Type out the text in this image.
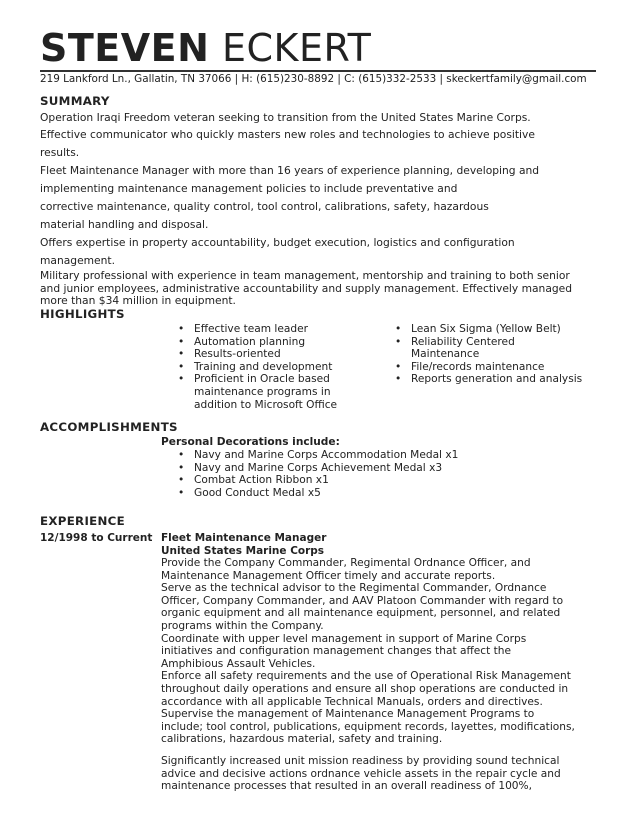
STEVEN ECKERT
219 Lankford Ln., Gallatin, TN 37066 | H: (615)230-8892 | C: (615)332-2533 | skeckertfamily@gmail.com
SUMMARY
Operation Iraqi Freedom veteran seeking to transition from the United States Marine Corps.
Effective communicator who quickly masters new roles and technologies to achieve positive
results.
Fleet Maintenance Manager with more than 16 years of experience planning, developing and
implementing maintenance management policies to include preventative and
corrective maintenance, quality control, tool control, calibrations, safety, hazardous
material handling and disposal.
Offers expertise in property accountability, budget execution, logistics and configuration
management.
Military professional with experience in team management, mentorship and training to both senior
and junior employees, administrative accountability and supply management. Effectively managed
more than $34 million in equipment.
HIGHLIGHTS
• Effective team leader
• Automation planning
• Results-oriented
• Training and development
• Proficient in Oracle based
maintenance programs in
addition to Microsoft Office
• Lean Six Sigma (Yellow Belt)
• Reliability Centered
Maintenance
• File/records maintenance
• Reports generation and analysis
ACCOMPLISHMENTS
Personal Decorations include:
• Navy and Marine Corps Accommodation Medal x1
• Navy and Marine Corps Achievement Medal x3
• Combat Action Ribbon x1
• Good Conduct Medal x5
EXPERIENCE
12/1998 to Current Fleet Maintenance Manager
United States Marine Corps
Provide the Company Commander, Regimental Ordnance Officer, and
Maintenance Management Officer timely and accurate reports.
Serve as the technical advisor to the Regimental Commander, Ordnance
Officer, Company Commander, and AAV Platoon Commander with regard to
organic equipment and all maintenance equipment, personnel, and related
programs within the Company.
Coordinate with upper level management in support of Marine Corps
initiatives and configuration management changes that affect the
Amphibious Assault Vehicles.
Enforce all safety requirements and the use of Operational Risk Management
throughout daily operations and ensure all shop operations are conducted in
accordance with all applicable Technical Manuals, orders and directives.
Supervise the management of Maintenance Management Programs to
include; tool control, publications, equipment records, layettes, modifications,
calibrations, hazardous material, safety and training.
Significantly increased unit mission readiness by providing sound technical
advice and decisive actions ordnance vehicle assets in the repair cycle and
maintenance processes that resulted in an overall readiness of 100%,
